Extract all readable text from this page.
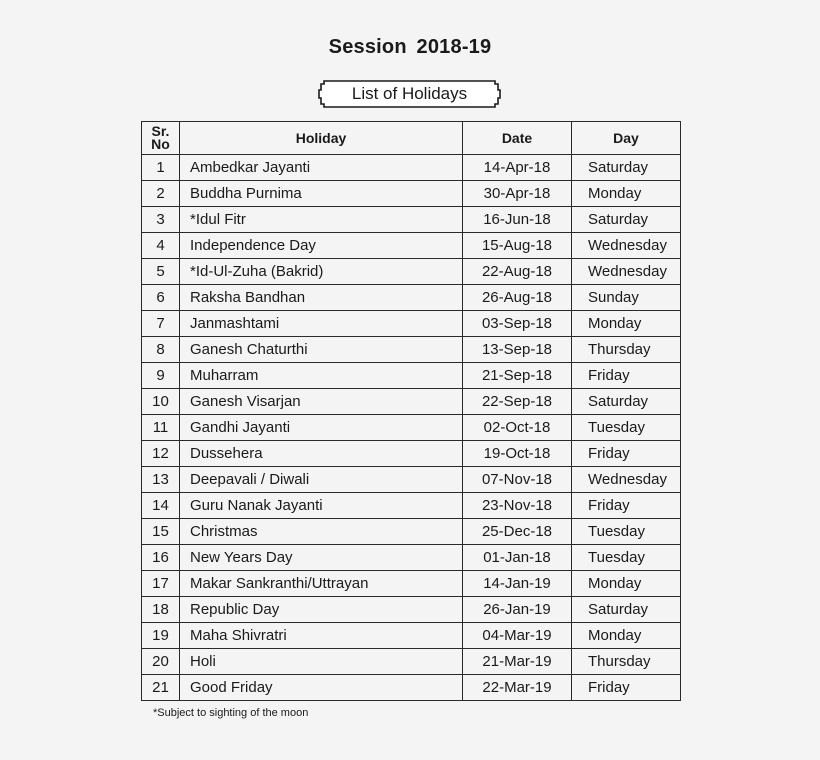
Session 2018-19
List of Holidays
Sr.
No	Holiday	Date	Day
1	Ambedkar Jayanti	14-Apr-18	Saturday
2	Buddha Purnima	30-Apr-18	Monday
3	*Idul Fitr	16-Jun-18	Saturday
4	Independence Day	15-Aug-18	Wednesday
5	*Id-Ul-Zuha (Bakrid)	22-Aug-18	Wednesday
6	Raksha Bandhan	26-Aug-18	Sunday
7	Janmashtami	03-Sep-18	Monday
8	Ganesh Chaturthi	13-Sep-18	Thursday
9	Muharram	21-Sep-18	Friday
10	Ganesh Visarjan	22-Sep-18	Saturday
11	Gandhi Jayanti	02-Oct-18	Tuesday
12	Dussehera	19-Oct-18	Friday
13	Deepavali / Diwali	07-Nov-18	Wednesday
14	Guru Nanak Jayanti	23-Nov-18	Friday
15	Christmas	25-Dec-18	Tuesday
16	New Years Day	01-Jan-18	Tuesday
17	Makar Sankranthi/Uttrayan	14-Jan-19	Monday
18	Republic Day	26-Jan-19	Saturday
19	Maha Shivratri	04-Mar-19	Monday
20	Holi	21-Mar-19	Thursday
21	Good Friday	22-Mar-19	Friday
*Subject to sighting of the moon
